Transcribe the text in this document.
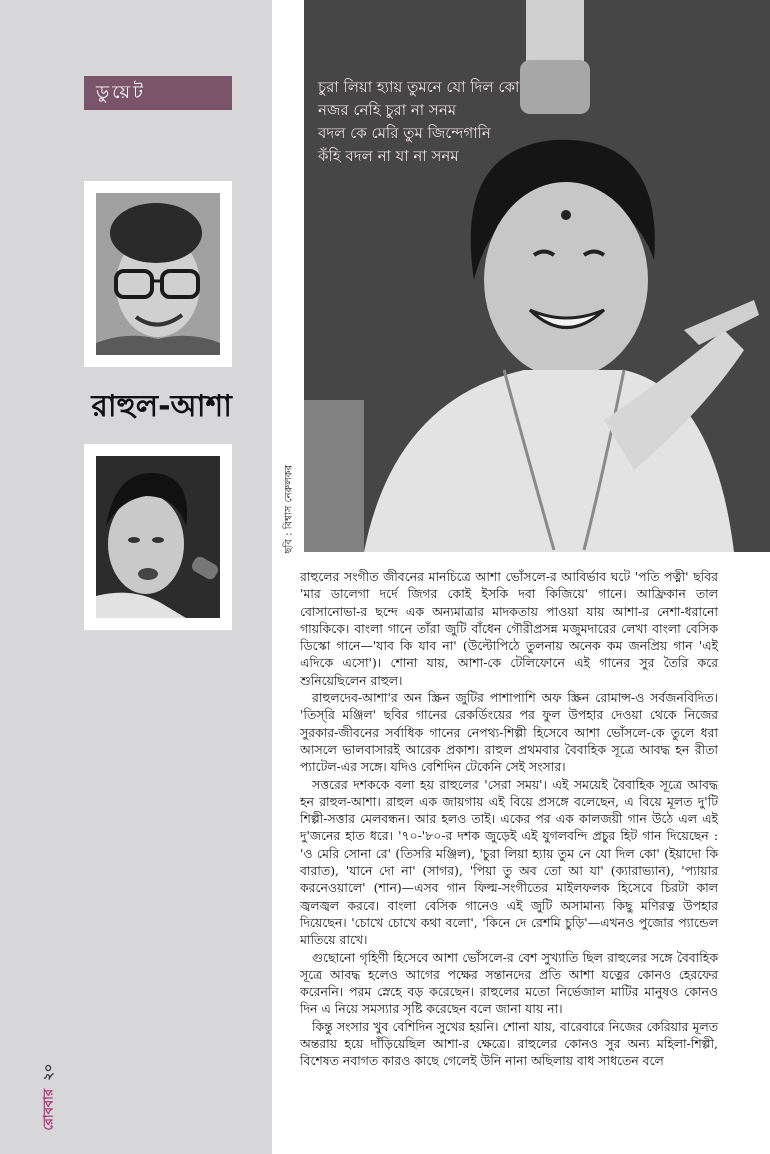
ডুয়েট
রাহুল-আশা
রোববার  ২০
চুরা লিয়া হ্যায় তুমনে যো দিল কো
নজর নেহি চুরা না সনম
বদল কে মেরি তুম জিন্দেগানি
কঁহি বদল না যা না সনম
ছবি : বিশ্বাস নেরুলকর

রাহুলের সংগীত জীবনের মানচিত্রে আশা ভোঁসলে-র আবির্ভাব ঘটে 'পতি পত্নী' ছবির 'মার ডালেগা দর্দে জিগর কোই ইসকি দবা কিজিয়ে' গানে। আফ্রিকান তাল বোসানোভা-র ছন্দে এক অন্যমাত্রার মাদকতায় পাওয়া যায় আশা-র নেশা-ধরানো গায়কিকে। বাংলা গানে তাঁরা জুটি বাঁধেন গৌরীপ্রসন্ন মজুমদারের লেখা বাংলা বেসিক ডিস্কো গানে—'যাব কি যাব না' (উল্টোপিঠে তুলনায় অনেক কম জনপ্রিয় গান 'এই এদিকে এসো')। শোনা যায়, আশা-কে টেলিফোনে এই গানের সুর তৈরি করে শুনিয়েছিলেন রাহুল।

রাহুলদেব-আশা'র অন স্ক্রিন জুটির পাশাপাশি অফ স্ক্রিন রোমান্স-ও সর্বজনবিদিত। 'তিস্‌রি মঞ্জিল' ছবির গানের রেকর্ডিংয়ের পর ফুল উপহার দেওয়া থেকে নিজের সুরকার-জীবনের সর্বাধিক গানের নেপথ্য-শিল্পী হিসেবে আশা ভোঁসলে-কে তুলে ধরা আসলে ভালবাসারই আরেক প্রকাশ। রাহুল প্রথমবার বৈবাহিক সূত্রে আবদ্ধ হন রীতা প্যাটেল-এর সঙ্গে। যদিও বেশিদিন টেকেনি সেই সংসার।

সত্তরের দশককে বলা হয় রাহুলের 'সেরা সময়'। এই সময়েই বৈবাহিক সূত্রে আবদ্ধ হন রাহুল-আশা। রাহুল এক জায়গায় এই বিয়ে প্রসঙ্গে বলেছেন, এ বিয়ে মূলত দু'টি শিল্পী-সত্তার মেলবন্ধন। আর হলও তাই। একের পর এক কালজয়ী গান উঠে এল এই দু'জনের হাত ধরে। '৭০-'৮০-র দশক জুড়েই এই যুগলবন্দি প্রচুর হিট গান দিয়েছেন : 'ও মেরি সোনা রে' (তিসরি মঞ্জিল), 'চুরা লিয়া হ্যায় তুম নে যো দিল কো' (ইয়াদো কি বারাত), 'যানে দো না' (সাগর), 'পিয়া তু অব তো আ যা' (ক্যারাভ্যান), 'প্যায়ার করনেওয়ালে' (শান)—এসব গান ফিল্ম-সংগীতের মাইলফলক হিসেবে চিরটা কাল জ্বলজ্বল করবে। বাংলা বেসিক গানেও এই জুটি অসামান্য কিছু মণিরত্ন উপহার দিয়েছেন। 'চোখে চোখে কথা বলো', 'কিনে দে রেশমি চুড়ি'—এখনও পুজোর প্যান্ডেল মাতিয়ে রাখে।

গুছোনো গৃহিণী হিসেবে আশা ভোঁসলে-র বেশ সুখ্যাতি ছিল রাহুলের সঙ্গে বৈবাহিক সূত্রে আবদ্ধ হলেও আগের পক্ষের সন্তানদের প্রতি আশা যত্নের কোনও হেরফের করেননি। পরম স্নেহে বড় করেছেন। রাহুলের মতো নির্ভেজাল মাটির মানুষও কোনও দিন এ নিয়ে সমস্যার সৃষ্টি করেছেন বলে জানা যায় না।

কিন্তু সংসার খুব বেশিদিন সুখের হয়নি। শোনা যায়, বারেবারে নিজের কেরিয়ার মূলত অন্তরায় হয়ে দাঁড়িয়েছিল আশা-র ক্ষেত্রে। রাহুলের কোনও সুর অন্য মহিলা-শিল্পী, বিশেষত নবাগত কারও কাছে গেলেই উনি নানা অছিলায় বাধ সাধতেন বলে
